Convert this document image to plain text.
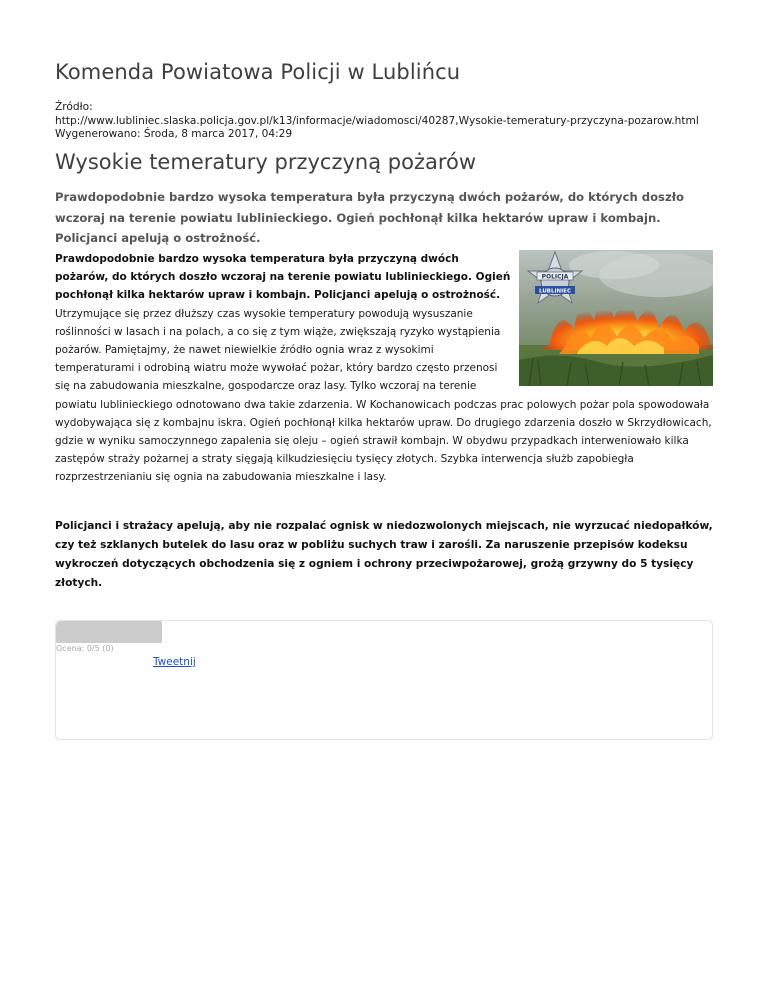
Komenda Powiatowa Policji w Lublińcu
Źródło:
http://www.lubliniec.slaska.policja.gov.pl/k13/informacje/wiadomosci/40287,Wysokie-temeratury-przyczyna-pozarow.html
Wygenerowano: Środa, 8 marca 2017, 04:29
Wysokie temeratury przyczyną pożarów

Prawdopodobnie bardzo wysoka temperatura była przyczyną dwóch pożarów, do których doszło wczoraj na terenie powiatu lublinieckiego. Ogień pochłonął kilka hektarów upraw i kombajn. Policjanci apelują o ostrożność.

POLICJA
LUBLINIEC

Prawdopodobnie bardzo wysoka temperatura była przyczyną dwóch pożarów, do których doszło wczoraj na terenie powiatu lublinieckiego. Ogień pochłonął kilka hektarów upraw i kombajn. Policjanci apelują o ostrożność. Utrzymujące się przez dłuższy czas wysokie temperatury powodują wysuszanie roślinności w lasach i na polach, a co się z tym wiąże, zwiększają ryzyko wystąpienia pożarów. Pamiętajmy, że nawet niewielkie źródło ognia wraz z wysokimi temperaturami i odrobiną wiatru może wywołać pożar, który bardzo często przenosi się na zabudowania mieszkalne, gospodarcze oraz lasy. Tylko wczoraj na terenie powiatu lublinieckiego odnotowano dwa takie zdarzenia. W Kochanowicach podczas prac polowych pożar pola spowodowała wydobywająca się z kombajnu iskra. Ogień pochłonął kilka hektarów upraw. Do drugiego zdarzenia doszło w Skrzydłowicach, gdzie w wyniku samoczynnego zapalenia się oleju – ogień strawił kombajn. W obydwu przypadkach interweniowało kilka zastępów straży pożarnej a straty sięgają kilkudziesięciu tysięcy złotych. Szybka interwencja służb zapobiegła rozprzestrzenianiu się ognia na zabudowania mieszkalne i lasy.

Policjanci i strażacy apelują, aby nie rozpalać ognisk w niedozwolonych miejscach, nie wyrzucać niedopałków, czy też szklanych butelek do lasu oraz w pobliżu suchych traw i zarośli. Za naruszenie przepisów kodeksu wykroczeń dotyczących obchodzenia się z ogniem i ochrony przeciwpożarowej, grożą grzywny do 5 tysięcy złotych.

Ocena: 0/5 (0)
Tweetnij
